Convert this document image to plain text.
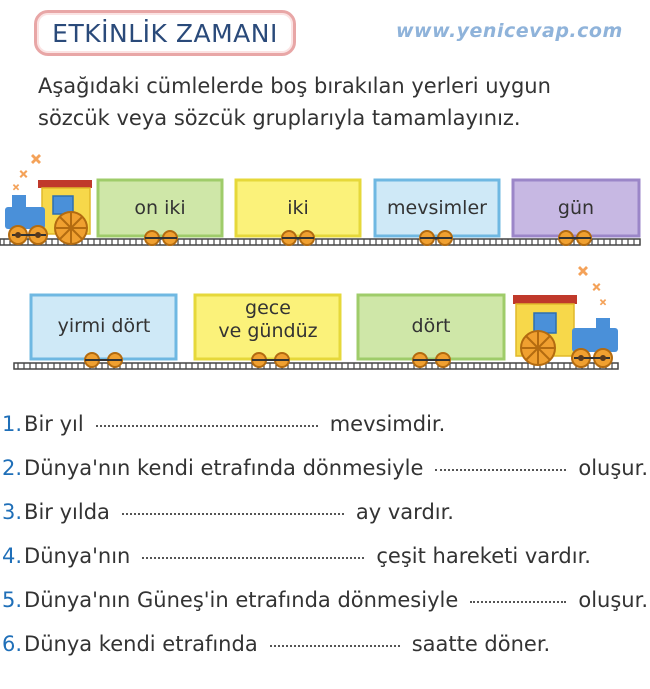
ETKİNLİK ZAMANI	www.yenicevap.com
Aşağıdaki cümlelerde boş bırakılan yerleri uygun sözcük veya sözcük gruplarıyla tamamlayınız.
on iki	iki	mevsimler	gün
yirmi dört
gece
ve gündüz	dört
1. Bir yıl	mevsimdir.
2. Dünya'nın kendi etrafında dönmesiyle	oluşur.
3. Bir yılda	ay vardır.
4. Dünya'nın	çeşit hareketi vardır.
5. Dünya'nın Güneş'in etrafında dönmesiyle	oluşur.
6. Dünya kendi etrafında	saatte döner.
